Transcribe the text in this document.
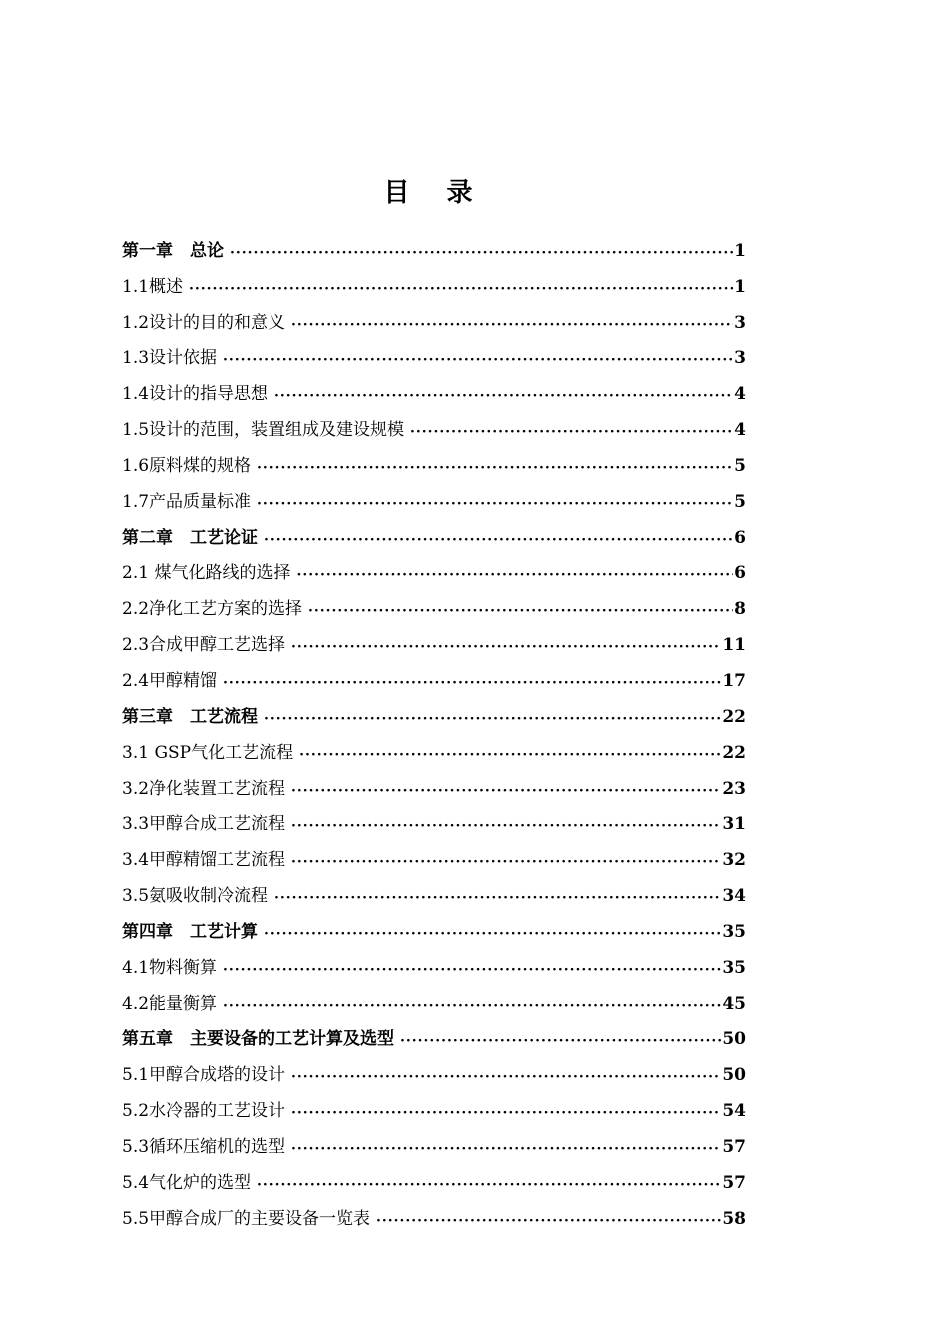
目 录
第一章　总论 ·····	1
1.1概述 ·····	1
1.2设计的目的和意义 ·····	3
1.3设计依据 ·····	3
1.4设计的指导思想 ·····	4
1.5设计的范围，装置组成及建设规模 ·····	4
1.6原料煤的规格 ·····	5
1.7产品质量标准 ·····	5
第二章　工艺论证 ·····	6
2.1 煤气化路线的选择 ·····	6
2.2净化工艺方案的选择 ·····	8
2.3合成甲醇工艺选择 ·····	11
2.4甲醇精馏 ·····	17
第三章　工艺流程 ·····	22
3.1 GSP气化工艺流程 ·····	22
3.2净化装置工艺流程 ·····	23
3.3甲醇合成工艺流程 ·····	31
3.4甲醇精馏工艺流程 ·····	32
3.5氨吸收制冷流程 ·····	34
第四章　工艺计算 ·····	35
4.1物料衡算 ·····	35
4.2能量衡算 ·····	45
第五章　主要设备的工艺计算及选型 ·····	50
5.1甲醇合成塔的设计 ·····	50
5.2水冷器的工艺设计 ·····	54
5.3循环压缩机的选型 ·····	57
5.4气化炉的选型 ·····	57
5.5甲醇合成厂的主要设备一览表 ·····	58
